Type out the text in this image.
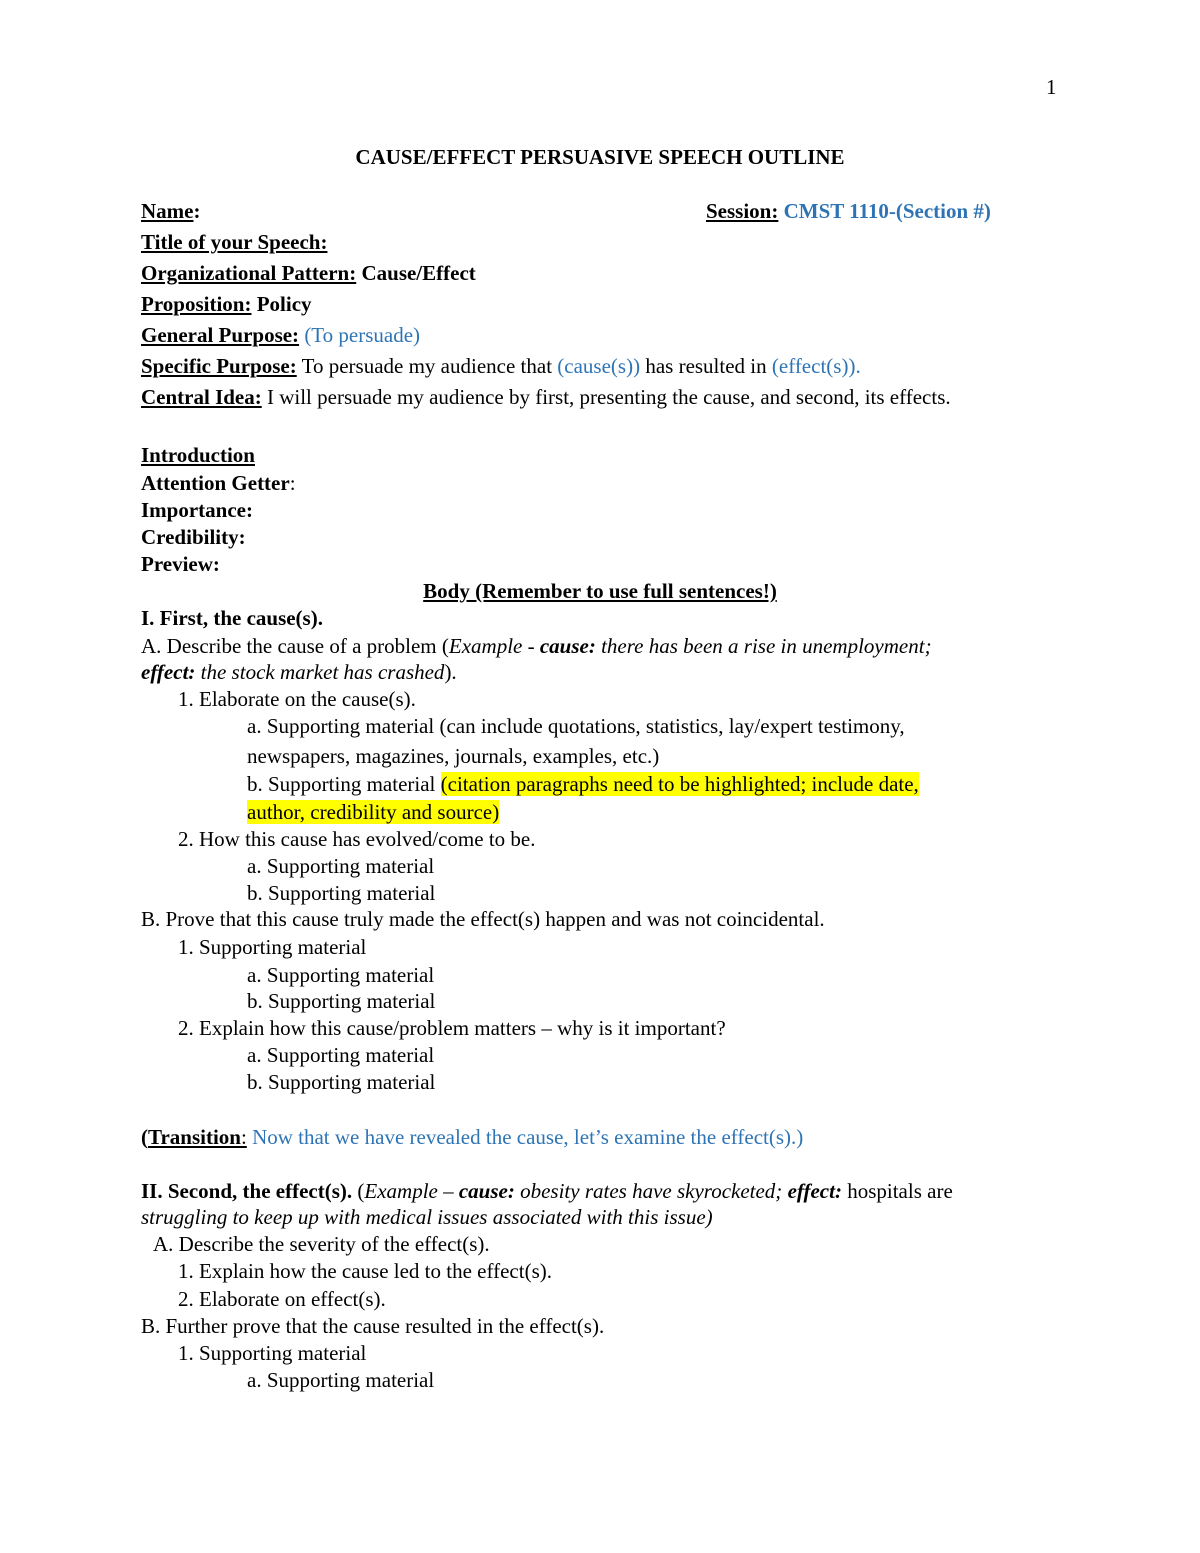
1
CAUSE/EFFECT PERSUASIVE SPEECH OUTLINE
Name:	Session: CMST 1110-(Section #)
Title of your Speech:
Organizational Pattern: Cause/Effect
Proposition: Policy
General Purpose: (To persuade)
Specific Purpose: To persuade my audience that (cause(s)) has resulted in (effect(s)).
Central Idea: I will persuade my audience by first, presenting the cause, and second, its effects.
Introduction
Attention Getter:
Importance:
Credibility:
Preview:
Body (Remember to use full sentences!)
I. First, the cause(s).
A. Describe the cause of a problem (Example - cause: there has been a rise in unemployment;
effect: the stock market has crashed).
1. Elaborate on the cause(s).
a. Supporting material (can include quotations, statistics, lay/expert testimony,
newspapers, magazines, journals, examples, etc.)
b. Supporting material (citation paragraphs need to be highlighted; include date,
author, credibility and source)
2. How this cause has evolved/come to be.
a. Supporting material
b. Supporting material
B. Prove that this cause truly made the effect(s) happen and was not coincidental.
1. Supporting material
a. Supporting material
b. Supporting material
2. Explain how this cause/problem matters – why is it important?
a. Supporting material
b. Supporting material
(Transition: Now that we have revealed the cause, let’s examine the effect(s).)
II. Second, the effect(s). (Example – cause: obesity rates have skyrocketed; effect: hospitals are
struggling to keep up with medical issues associated with this issue)
A. Describe the severity of the effect(s).
1. Explain how the cause led to the effect(s).
2. Elaborate on effect(s).
B. Further prove that the cause resulted in the effect(s).
1. Supporting material
a. Supporting material
